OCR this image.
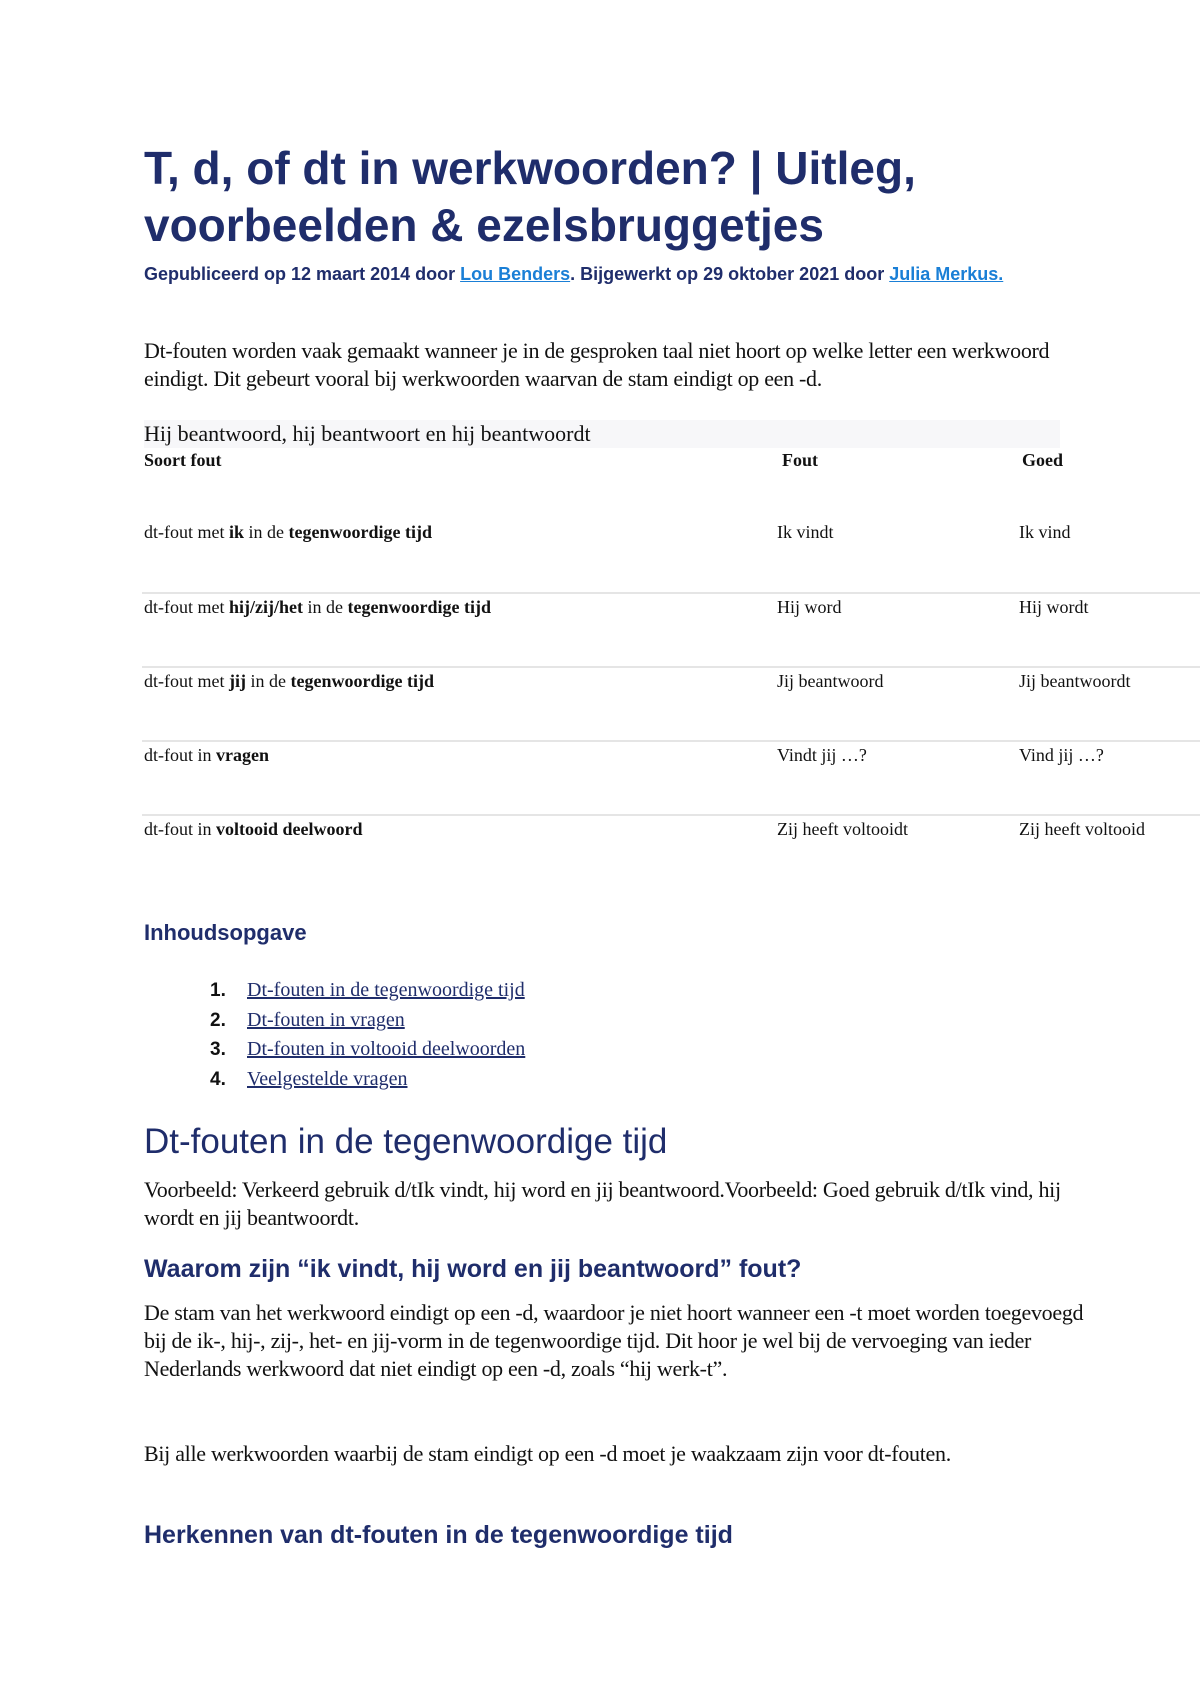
T, d, of dt in werkwoorden? | Uitleg, voorbeelden & ezelsbruggetjes

Gepubliceerd op 12 maart 2014 door Lou Benders. Bijgewerkt op 29 oktober 2021 door Julia Merkus.

Dt-fouten worden vaak gemaakt wanneer je in de gesproken taal niet hoort op welke letter een werkwoord eindigt. Dit gebeurt vooral bij werkwoorden waarvan de stam eindigt op een -d.

Hij beantwoord, hij beantwoort en hij beantwoordt
Soort fout	Fout	Goed
dt-fout met ik in de tegenwoordige tijd	Ik vindt	Ik vind
dt-fout met hij/zij/het in de tegenwoordige tijd	Hij word	Hij wordt
dt-fout met jij in de tegenwoordige tijd	Jij beantwoord	Jij beantwoordt
dt-fout in vragen	Vindt jij …?	Vind jij …?
dt-fout in voltooid deelwoord	Zij heeft voltooidt	Zij heeft voltooid
Inhoudsopgave
1. Dt-fouten in de tegenwoordige tijd
2. Dt-fouten in vragen
3. Dt-fouten in voltooid deelwoorden
4. Veelgestelde vragen
Dt-fouten in de tegenwoordige tijd

Voorbeeld: Verkeerd gebruik d/tIk vindt, hij word en jij beantwoord.Voorbeeld: Goed gebruik d/tIk vind, hij wordt en jij beantwoordt.

Waarom zijn “ik vindt, hij word en jij beantwoord” fout?

De stam van het werkwoord eindigt op een -d, waardoor je niet hoort wanneer een -t moet worden toegevoegd bij de ik-, hij-, zij-, het- en jij-vorm in de tegenwoordige tijd. Dit hoor je wel bij de vervoeging van ieder Nederlands werkwoord dat niet eindigt op een -d, zoals “hij werk-t”.

Bij alle werkwoorden waarbij de stam eindigt op een -d moet je waakzaam zijn voor dt-fouten.

Herkennen van dt-fouten in de tegenwoordige tijd
